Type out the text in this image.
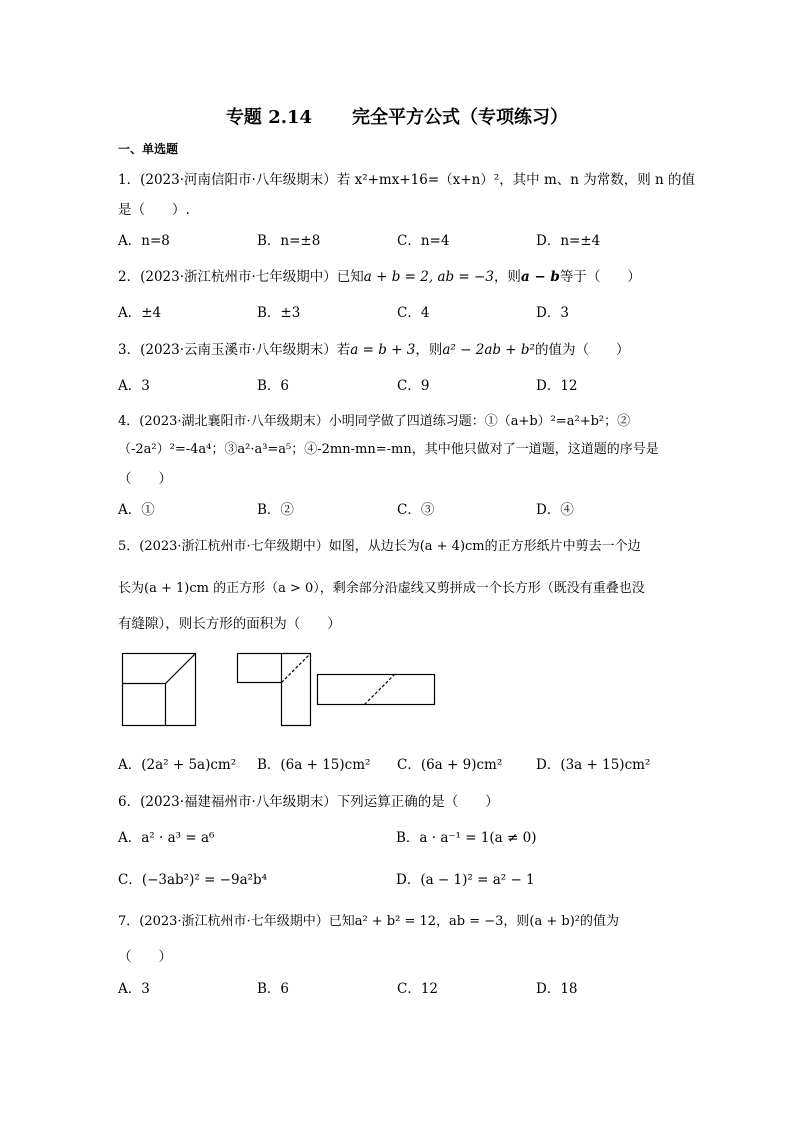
专题 2.14 完全平方公式（专项练习）
一、单选题
1．(2023·河南信阳市·八年级期末）若 x²+mx+16=（x+n）²，其中 m、n 为常数，则 n 的值
是（　　）.
A．n=8	B．n=±8	C．n=4	D．n=±4
2．(2023·浙江杭州市·七年级期中）已知a + b = 2, ab = −3，则a − b等于（　　）
A．±4	B．±3	C．4	D．3
3．(2023·云南玉溪市·八年级期末）若a = b + 3，则a² − 2ab + b²的值为（　　）
A．3	B．6	C．9	D．12
4．(2023·湖北襄阳市·八年级期末）小明同学做了四道练习题：①（a+b）²=a²+b²；②
（-2a²）²=-4a⁴；③a²·a³=a⁵；④-2mn-mn=-mn，其中他只做对了一道题，这道题的序号是
（　　）
A．①	B．②	C．③	D．④
5．(2023·浙江杭州市·七年级期中）如图，从边长为(a + 4)cm的正方形纸片中剪去一个边
长为(a + 1)cm 的正方形（a > 0），剩余部分沿虚线又剪拼成一个长方形（既没有重叠也没
有缝隙），则长方形的面积为（　　）
A．(2a² + 5a)cm² B．(6a + 15)cm² C．(6a + 9)cm² D．(3a + 15)cm²
6．(2023·福建福州市·八年级期末）下列运算正确的是（　　）
A．a² · a³ = a⁶	B．a · a⁻¹ = 1(a ≠ 0)
C．(−3ab²)² = −9a²b⁴	D．(a − 1)² = a² − 1
7．(2023·浙江杭州市·七年级期中）已知a² + b² = 12，ab = −3，则(a + b)²的值为
（　　）
A．3	B．6	C．12	D．18
